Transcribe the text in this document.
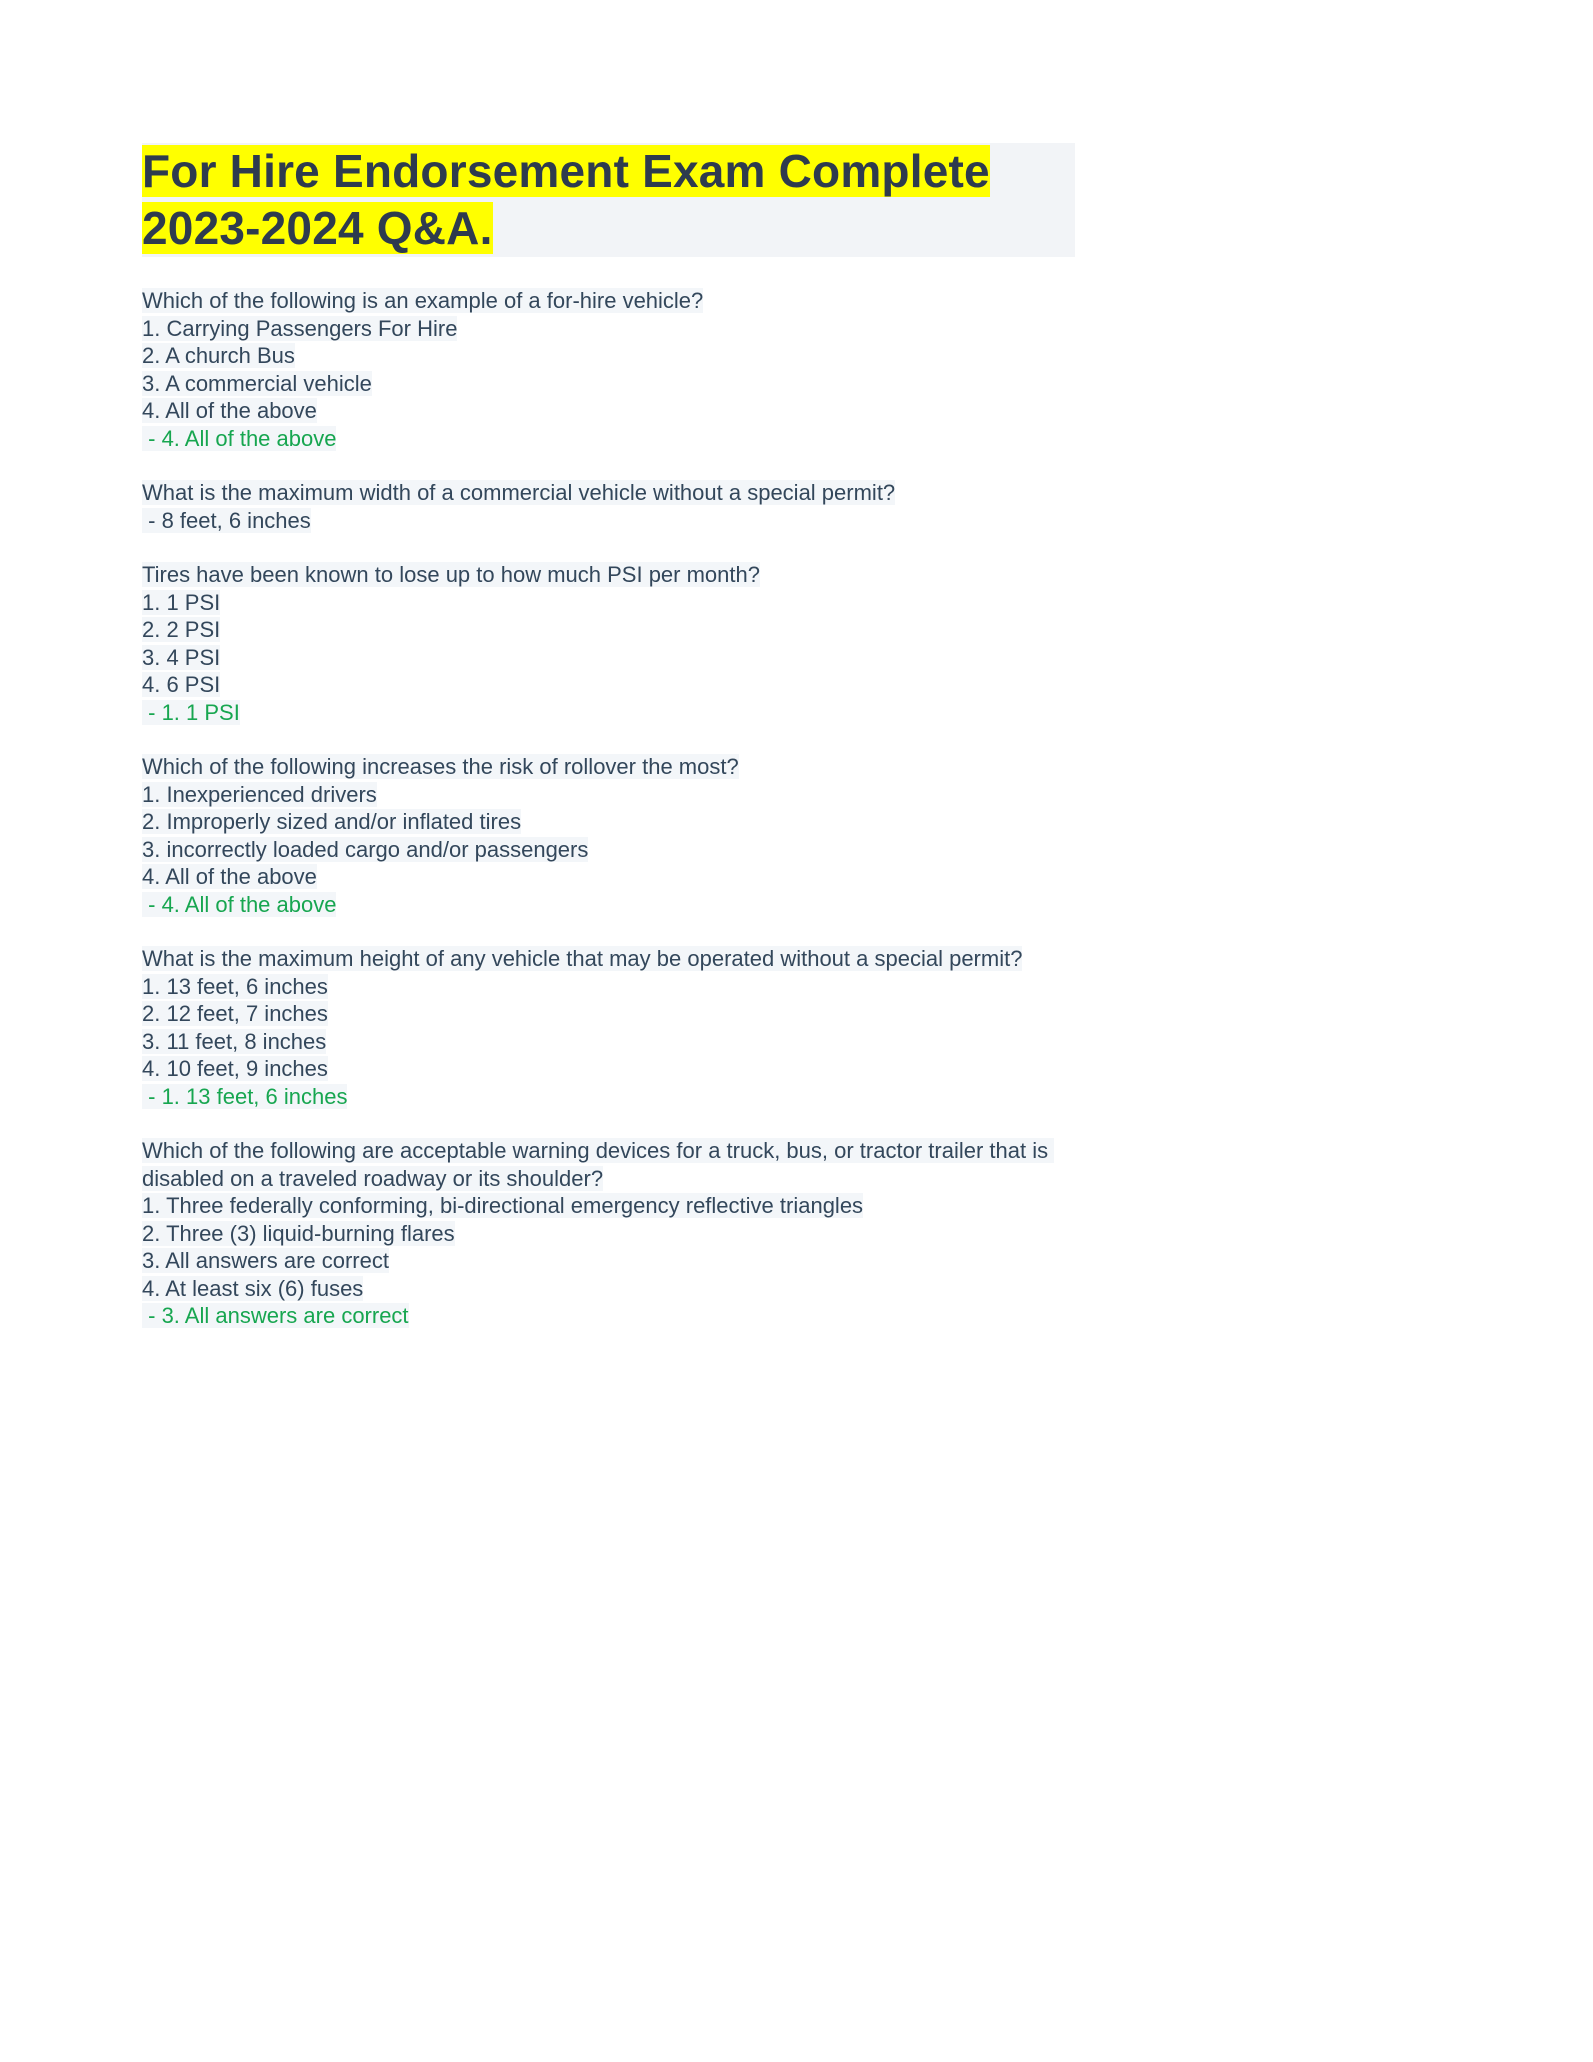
For Hire Endorsement Exam Complete
2023-2024 Q&A.
Which of the following is an example of a for-hire vehicle?
1. Carrying Passengers For Hire
2. A church Bus
3. A commercial vehicle
4. All of the above
- 4. All of the above
What is the maximum width of a commercial vehicle without a special permit?
- 8 feet, 6 inches
Tires have been known to lose up to how much PSI per month?
1. 1 PSI
2. 2 PSI
3. 4 PSI
4. 6 PSI
- 1. 1 PSI
Which of the following increases the risk of rollover the most?
1. Inexperienced drivers
2. Improperly sized and/or inflated tires
3. incorrectly loaded cargo and/or passengers
4. All of the above
- 4. All of the above
What is the maximum height of any vehicle that may be operated without a special permit?
1. 13 feet, 6 inches
2. 12 feet, 7 inches
3. 11 feet, 8 inches
4. 10 feet, 9 inches
- 1. 13 feet, 6 inches
Which of the following are acceptable warning devices for a truck, bus, or tractor trailer that is disabled on a traveled roadway or its shoulder?
1. Three federally conforming, bi-directional emergency reflective triangles
2. Three (3) liquid-burning flares
3. All answers are correct
4. At least six (6) fuses
- 3. All answers are correct
